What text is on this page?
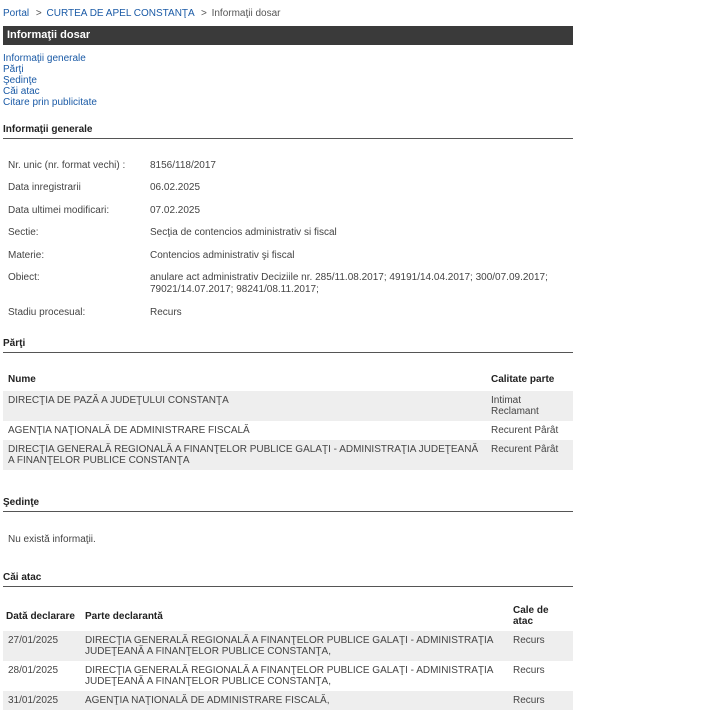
Portal > CURTEA DE APEL CONSTANŢA > Informaţii dosar
Informaţii dosar
Informaţii generale
Părţi
Şedinţe
Căi atac
Citare prin publicitate
Informaţii generale
Nr. unic (nr. format vechi) :	8156/118/2017
Data inregistrarii	06.02.2025
Data ultimei modificari:	07.02.2025
Sectie:	Secţia de contencios administrativ si fiscal
Materie:	Contencios administrativ şi fiscal
Obiect:	anulare act administrativ Deciziile nr. 285/11.08.2017; 49191/14.04.2017; 300/07.09.2017; 79021/14.07.2017; 98241/08.11.2017;
Stadiu procesual:	Recurs
Părţi
Nume	Calitate parte
DIRECŢIA DE PAZĂ A JUDEŢULUI CONSTANŢA	Intimat Reclamant
AGENŢIA NAŢIONALĂ DE ADMINISTRARE FISCALĂ	Recurent Pârât
DIRECŢIA GENERALĂ REGIONALĂ A FINANŢELOR PUBLICE GALAŢI - ADMINISTRAŢIA JUDEŢEANĂ A FINANŢELOR PUBLICE CONSTANŢA	Recurent Pârât
Şedinţe
Nu există informaţii.
Căi atac
Dată declarare	Parte declarantă	Cale de atac
27/01/2025	DIRECŢIA GENERALĂ REGIONALĂ A FINANŢELOR PUBLICE GALAŢI - ADMINISTRAŢIA JUDEŢEANĂ A FINANŢELOR PUBLICE CONSTANŢA,	Recurs
28/01/2025	DIRECŢIA GENERALĂ REGIONALĂ A FINANŢELOR PUBLICE GALAŢI - ADMINISTRAŢIA JUDEŢEANĂ A FINANŢELOR PUBLICE CONSTANŢA,	Recurs
31/01/2025	AGENŢIA NAŢIONALĂ DE ADMINISTRARE FISCALĂ,	Recurs
